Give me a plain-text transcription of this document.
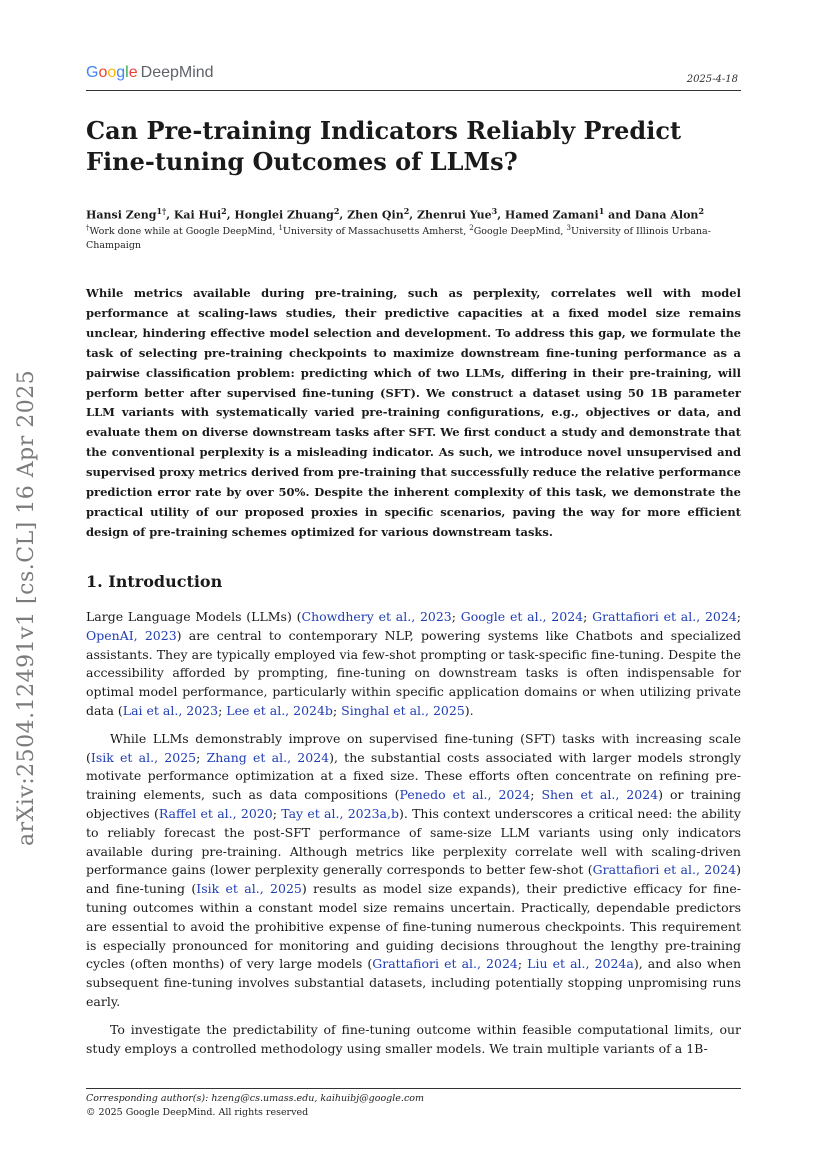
Google DeepMind	2025-4-18
arXiv:2504.12491v1 [cs.CL] 16 Apr 2025
Can Pre-training Indicators Reliably Predict Fine-tuning Outcomes of LLMs?
Hansi Zeng$^{1\dagger}$, Kai Hui$^2$, Honglei Zhuang$^2$, Zhen Qin$^2$, Zhenrui Yue$^3$, Hamed Zamani$^1$ and Dana Alon$^2$
†Work done while at Google DeepMind, $^1$University of Massachusetts Amherst, $^2$Google DeepMind, $^3$University of Illinois Urbana-Champaign

While metrics available during pre-training, such as perplexity, correlates well with model performance at scaling-laws studies, their predictive capacities at a fixed model size remains unclear, hindering effective model selection and development. To address this gap, we formulate the task of selecting pre-training checkpoints to maximize downstream fine-tuning performance as a pairwise classification problem: predicting which of two LLMs, differing in their pre-training, will perform better after supervised fine-tuning (SFT). We construct a dataset using 50 1B parameter LLM variants with systematically varied pre-training configurations, e.g., objectives or data, and evaluate them on diverse downstream tasks after SFT. We first conduct a study and demonstrate that the conventional perplexity is a misleading indicator. As such, we introduce novel unsupervised and supervised proxy metrics derived from pre-training that successfully reduce the relative performance prediction error rate by over 50%. Despite the inherent complexity of this task, we demonstrate the practical utility of our proposed proxies in specific scenarios, paving the way for more efficient design of pre-training schemes optimized for various downstream tasks.

1. Introduction

Large Language Models (LLMs) (Chowdhery et al., 2023; Google et al., 2024; Grattafiori et al., 2024; OpenAI, 2023) are central to contemporary NLP, powering systems like Chatbots and specialized assistants. They are typically employed via few-shot prompting or task-specific fine-tuning. Despite the accessibility afforded by prompting, fine-tuning on downstream tasks is often indispensable for optimal model performance, particularly within specific application domains or when utilizing private data (Lai et al., 2023; Lee et al., 2024b; Singhal et al., 2025).

While LLMs demonstrably improve on supervised fine-tuning (SFT) tasks with increasing scale (Isik et al., 2025; Zhang et al., 2024), the substantial costs associated with larger models strongly motivate performance optimization at a fixed size. These efforts often concentrate on refining pre-training elements, such as data compositions (Penedo et al., 2024; Shen et al., 2024) or training objectives (Raffel et al., 2020; Tay et al., 2023a,b). This context underscores a critical need: the ability to reliably forecast the post-SFT performance of same-size LLM variants using only indicators available during pre-training. Although metrics like perplexity correlate well with scaling-driven performance gains (lower perplexity generally corresponds to better few-shot (Grattafiori et al., 2024) and fine-tuning (Isik et al., 2025) results as model size expands), their predictive efficacy for fine-tuning outcomes within a constant model size remains uncertain. Practically, dependable predictors are essential to avoid the prohibitive expense of fine-tuning numerous checkpoints. This requirement is especially pronounced for monitoring and guiding decisions throughout the lengthy pre-training cycles (often months) of very large models (Grattafiori et al., 2024; Liu et al., 2024a), and also when subsequent fine-tuning involves substantial datasets, including potentially stopping unpromising runs early.

To investigate the predictability of fine-tuning outcome within feasible computational limits, our study employs a controlled methodology using smaller models. We train multiple variants of a 1B-

Corresponding author(s): hzeng@cs.umass.edu, kaihuibj@google.com
© 2025 Google DeepMind. All rights reserved
